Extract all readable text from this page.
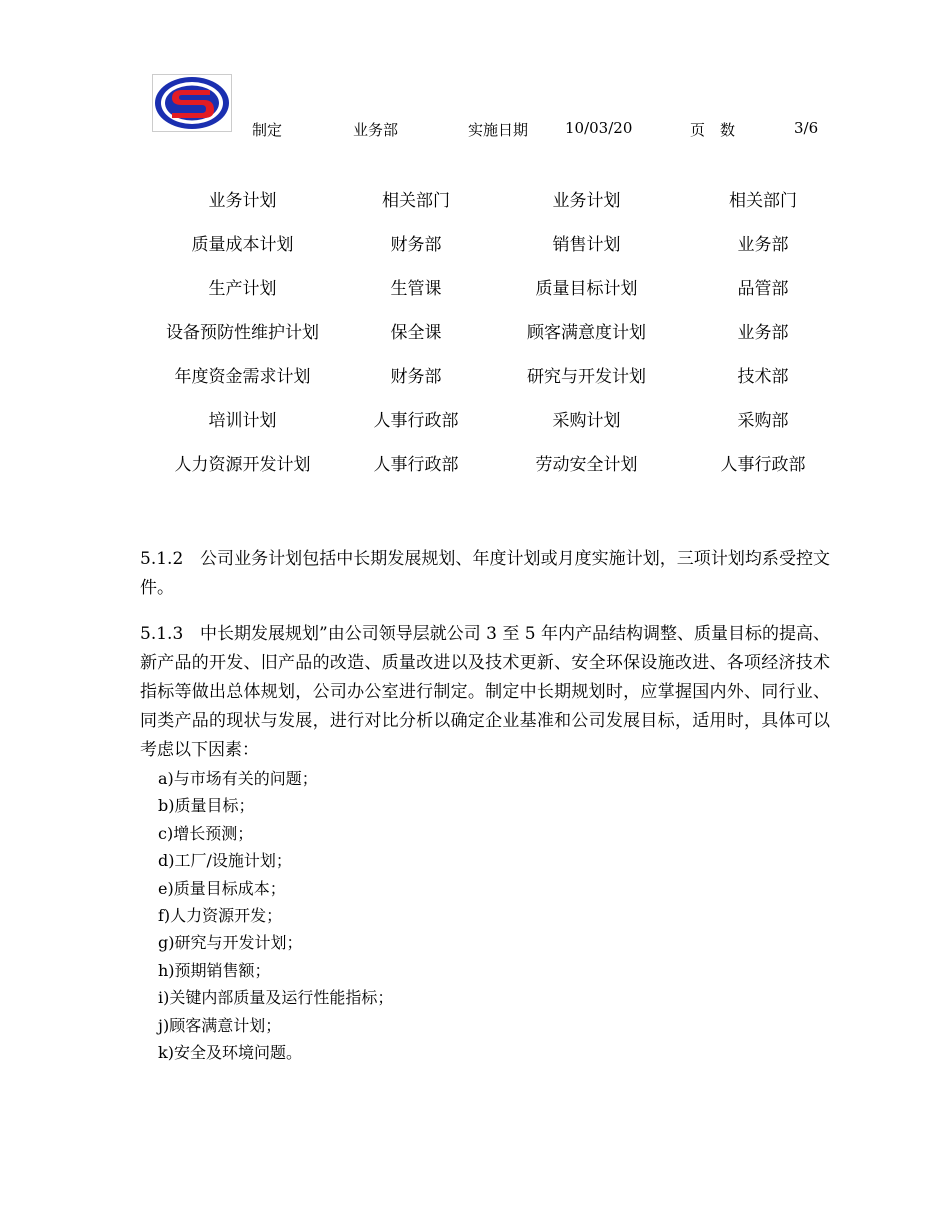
制定	业务部	实施日期 10/03/20	页　数	3/6
业务计划	相关部门	业务计划	相关部门
质量成本计划	财务部	销售计划	业务部
生产计划	生管课	质量目标计划	品管部
设备预防性维护计划	保全课	顾客满意度计划	业务部
年度资金需求计划	财务部	研究与开发计划	技术部
培训计划	人事行政部	采购计划	采购部
人力资源开发计划	人事行政部	劳动安全计划	人事行政部
5.1.2 公司业务计划包括中长期发展规划、年度计划或月度实施计划，三项计划均系受控文件。
5.1.3 中长期发展规划”由公司领导层就公司 3 至 5 年内产品结构调整、质量目标的提高、新产品的开发、旧产品的改造、质量改进以及技术更新、安全环保设施改进、各项经济技术指标等做出总体规划，公司办公室进行制定。制定中长期规划时，应掌握国内外、同行业、同类产品的现状与发展，进行对比分析以确定企业基准和公司发展目标，适用时，具体可以考虑以下因素：
a)与市场有关的问题；
b)质量目标；
c)增长预测；
d)工厂/设施计划；
e)质量目标成本；
f)人力资源开发；
g)研究与开发计划；
h)预期销售额；
i)关键内部质量及运行性能指标；
j)顾客满意计划；
k)安全及环境问题。
